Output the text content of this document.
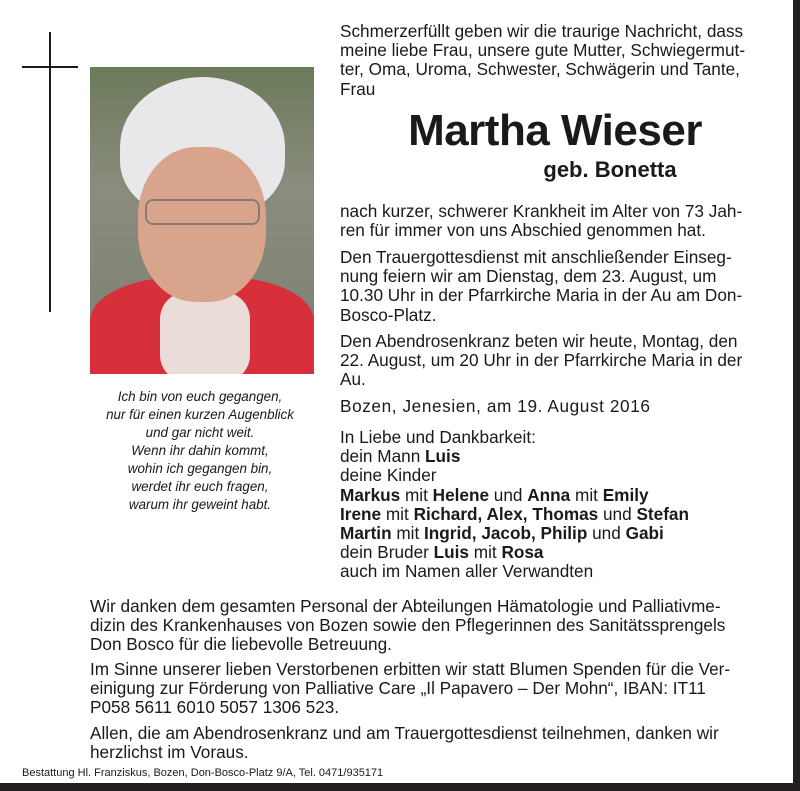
Ich bin von euch gegangen,
nur für einen kurzen Augenblick
und gar nicht weit.
Wenn ihr dahin kommt,
wohin ich gegangen bin,
werdet ihr euch fragen,
warum ihr geweint habt.
Schmerzerfüllt geben wir die traurige Nachricht, dass
meine liebe Frau, unsere gute Mutter, Schwiegermut-
ter, Oma, Uroma, Schwester, Schwägerin und Tante,
Frau
Martha Wieser
geb. Bonetta
nach kurzer, schwerer Krankheit im Alter von 73 Jah-
ren für immer von uns Abschied genommen hat.
Den Trauergottesdienst mit anschließender Einseg-
nung feiern wir am Dienstag, dem 23. August, um
10.30 Uhr in der Pfarrkirche Maria in der Au am Don-
Bosco-Platz.
Den Abendrosenkranz beten wir heute, Montag, den
22. August, um 20 Uhr in der Pfarrkirche Maria in der
Au.
Bozen, Jenesien, am 19. August 2016
In Liebe und Dankbarkeit:
dein Mann Luis
deine Kinder
Markus mit Helene und Anna mit Emily
Irene mit Richard, Alex, Thomas und Stefan
Martin mit Ingrid, Jacob, Philip und Gabi
dein Bruder Luis mit Rosa
auch im Namen aller Verwandten
Wir danken dem gesamten Personal der Abteilungen Hämatologie und Palliativme-
dizin des Krankenhauses von Bozen sowie den Pflegerinnen des Sanitätssprengels
Don Bosco für die liebevolle Betreuung.
Im Sinne unserer lieben Verstorbenen erbitten wir statt Blumen Spenden für die Ver-
einigung zur Förderung von Palliative Care „Il Papavero – Der Mohn“, IBAN: IT11
P058 5611 6010 5057 1306 523.
Allen, die am Abendrosenkranz und am Trauergottesdienst teilnehmen, danken wir
herzlichst im Voraus.
Bestattung Hl. Franziskus, Bozen, Don-Bosco-Platz 9/A, Tel. 0471/935171
